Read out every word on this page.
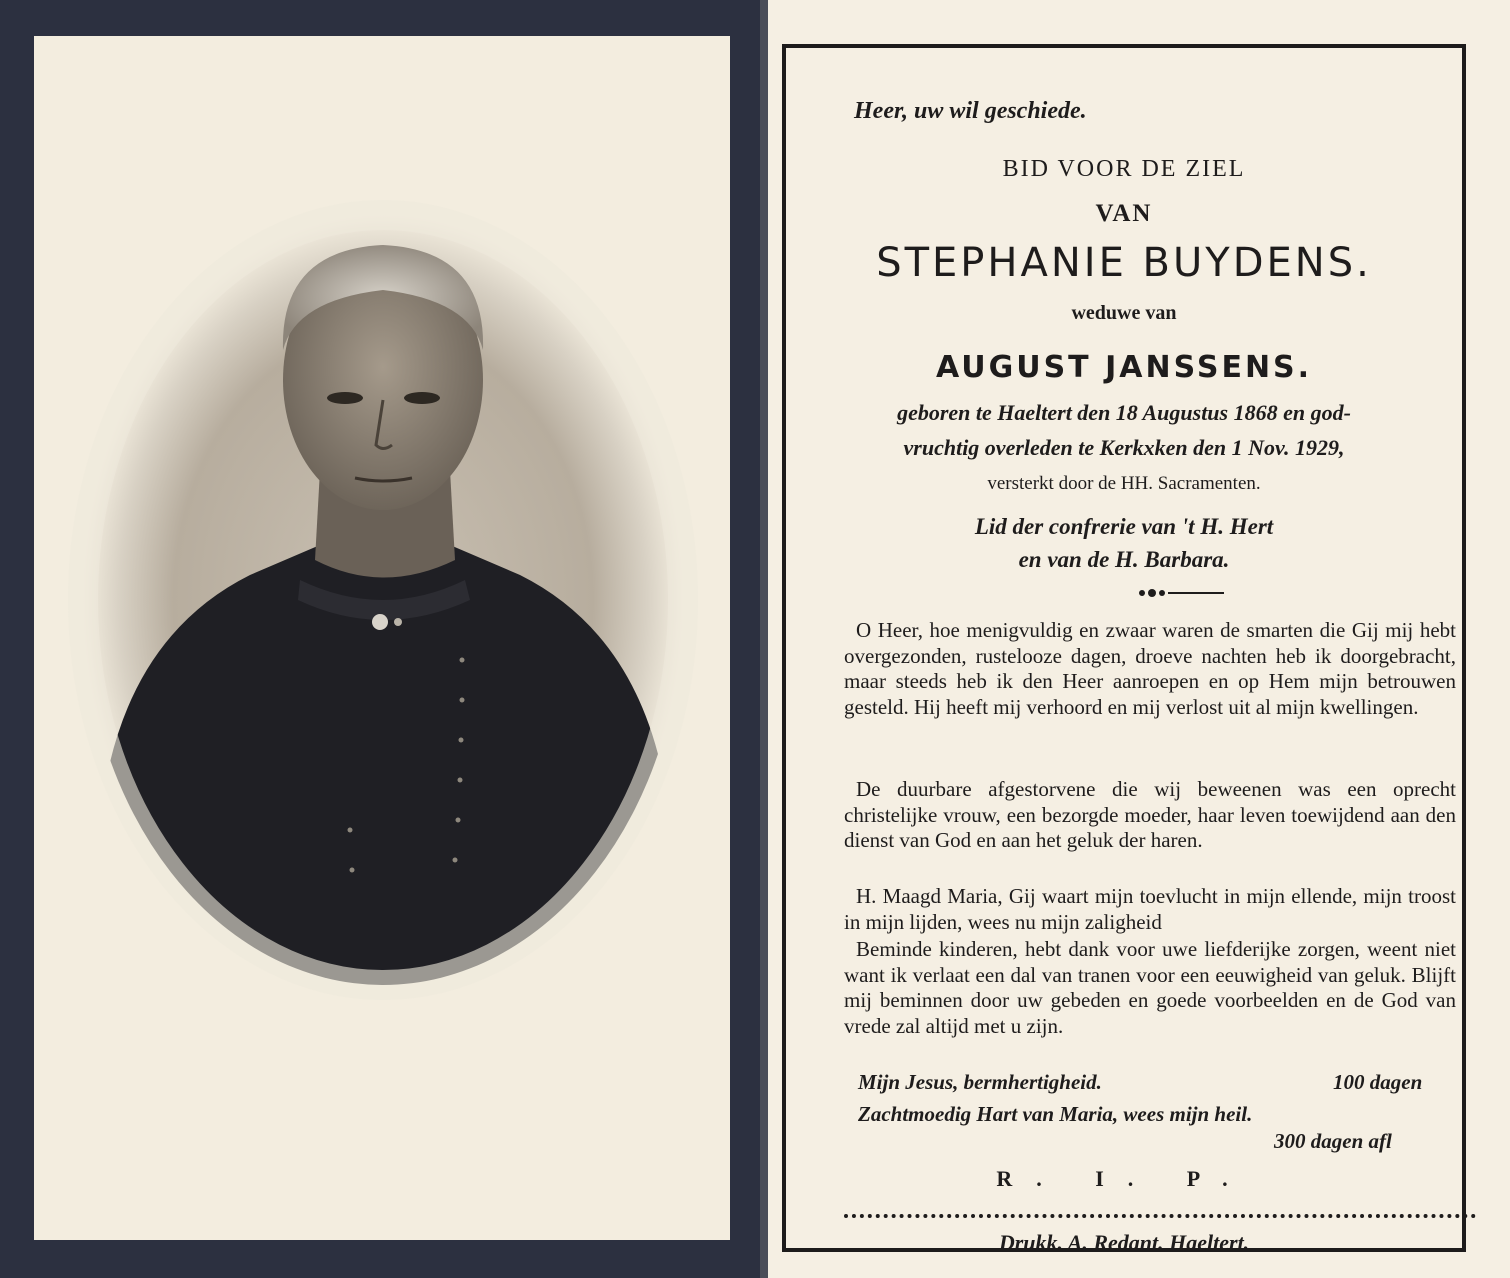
Heer, uw wil geschiede.
BID VOOR DE ZIEL
VAN
STEPHANIE BUYDENS.
weduwe van
AUGUST JANSSENS.
geboren te Haeltert den 18 Augustus 1868 en god-
vruchtig overleden te Kerkxken den 1 Nov. 1929,
versterkt door de HH. Sacramenten.
Lid der confrerie van 't H. Hert
en van de H. Barbara.

O Heer, hoe menigvuldig en zwaar waren de smarten die Gij mij hebt overgezonden, rustelooze dagen, droeve nachten heb ik doorgebracht, maar steeds heb ik den Heer aanroepen en op Hem mijn betrouwen gesteld. Hij heeft mij verhoord en mij verlost uit al mijn kwellingen.

De duurbare afgestorvene die wij beweenen was een oprecht christelijke vrouw, een bezorgde moeder, haar leven toewijdend aan den dienst van God en aan het geluk der haren.

H. Maagd Maria, Gij waart mijn toevlucht in mijn ellende, mijn troost in mijn lijden, wees nu mijn zaligheid

Beminde kinderen, hebt dank voor uwe liefderijke zorgen, weent niet want ik verlaat een dal van tranen voor een eeuwigheid van geluk. Blijft mij beminnen door uw gebeden en goede voorbeelden en de God van vrede zal altijd met u zijn.

Mijn Jesus, bermhertigheid.	100 dagen
Zachtmoedig Hart van Maria, wees mijn heil.
300 dagen afl
R. I. P.
Drukk. A. Redant. Haeltert.
